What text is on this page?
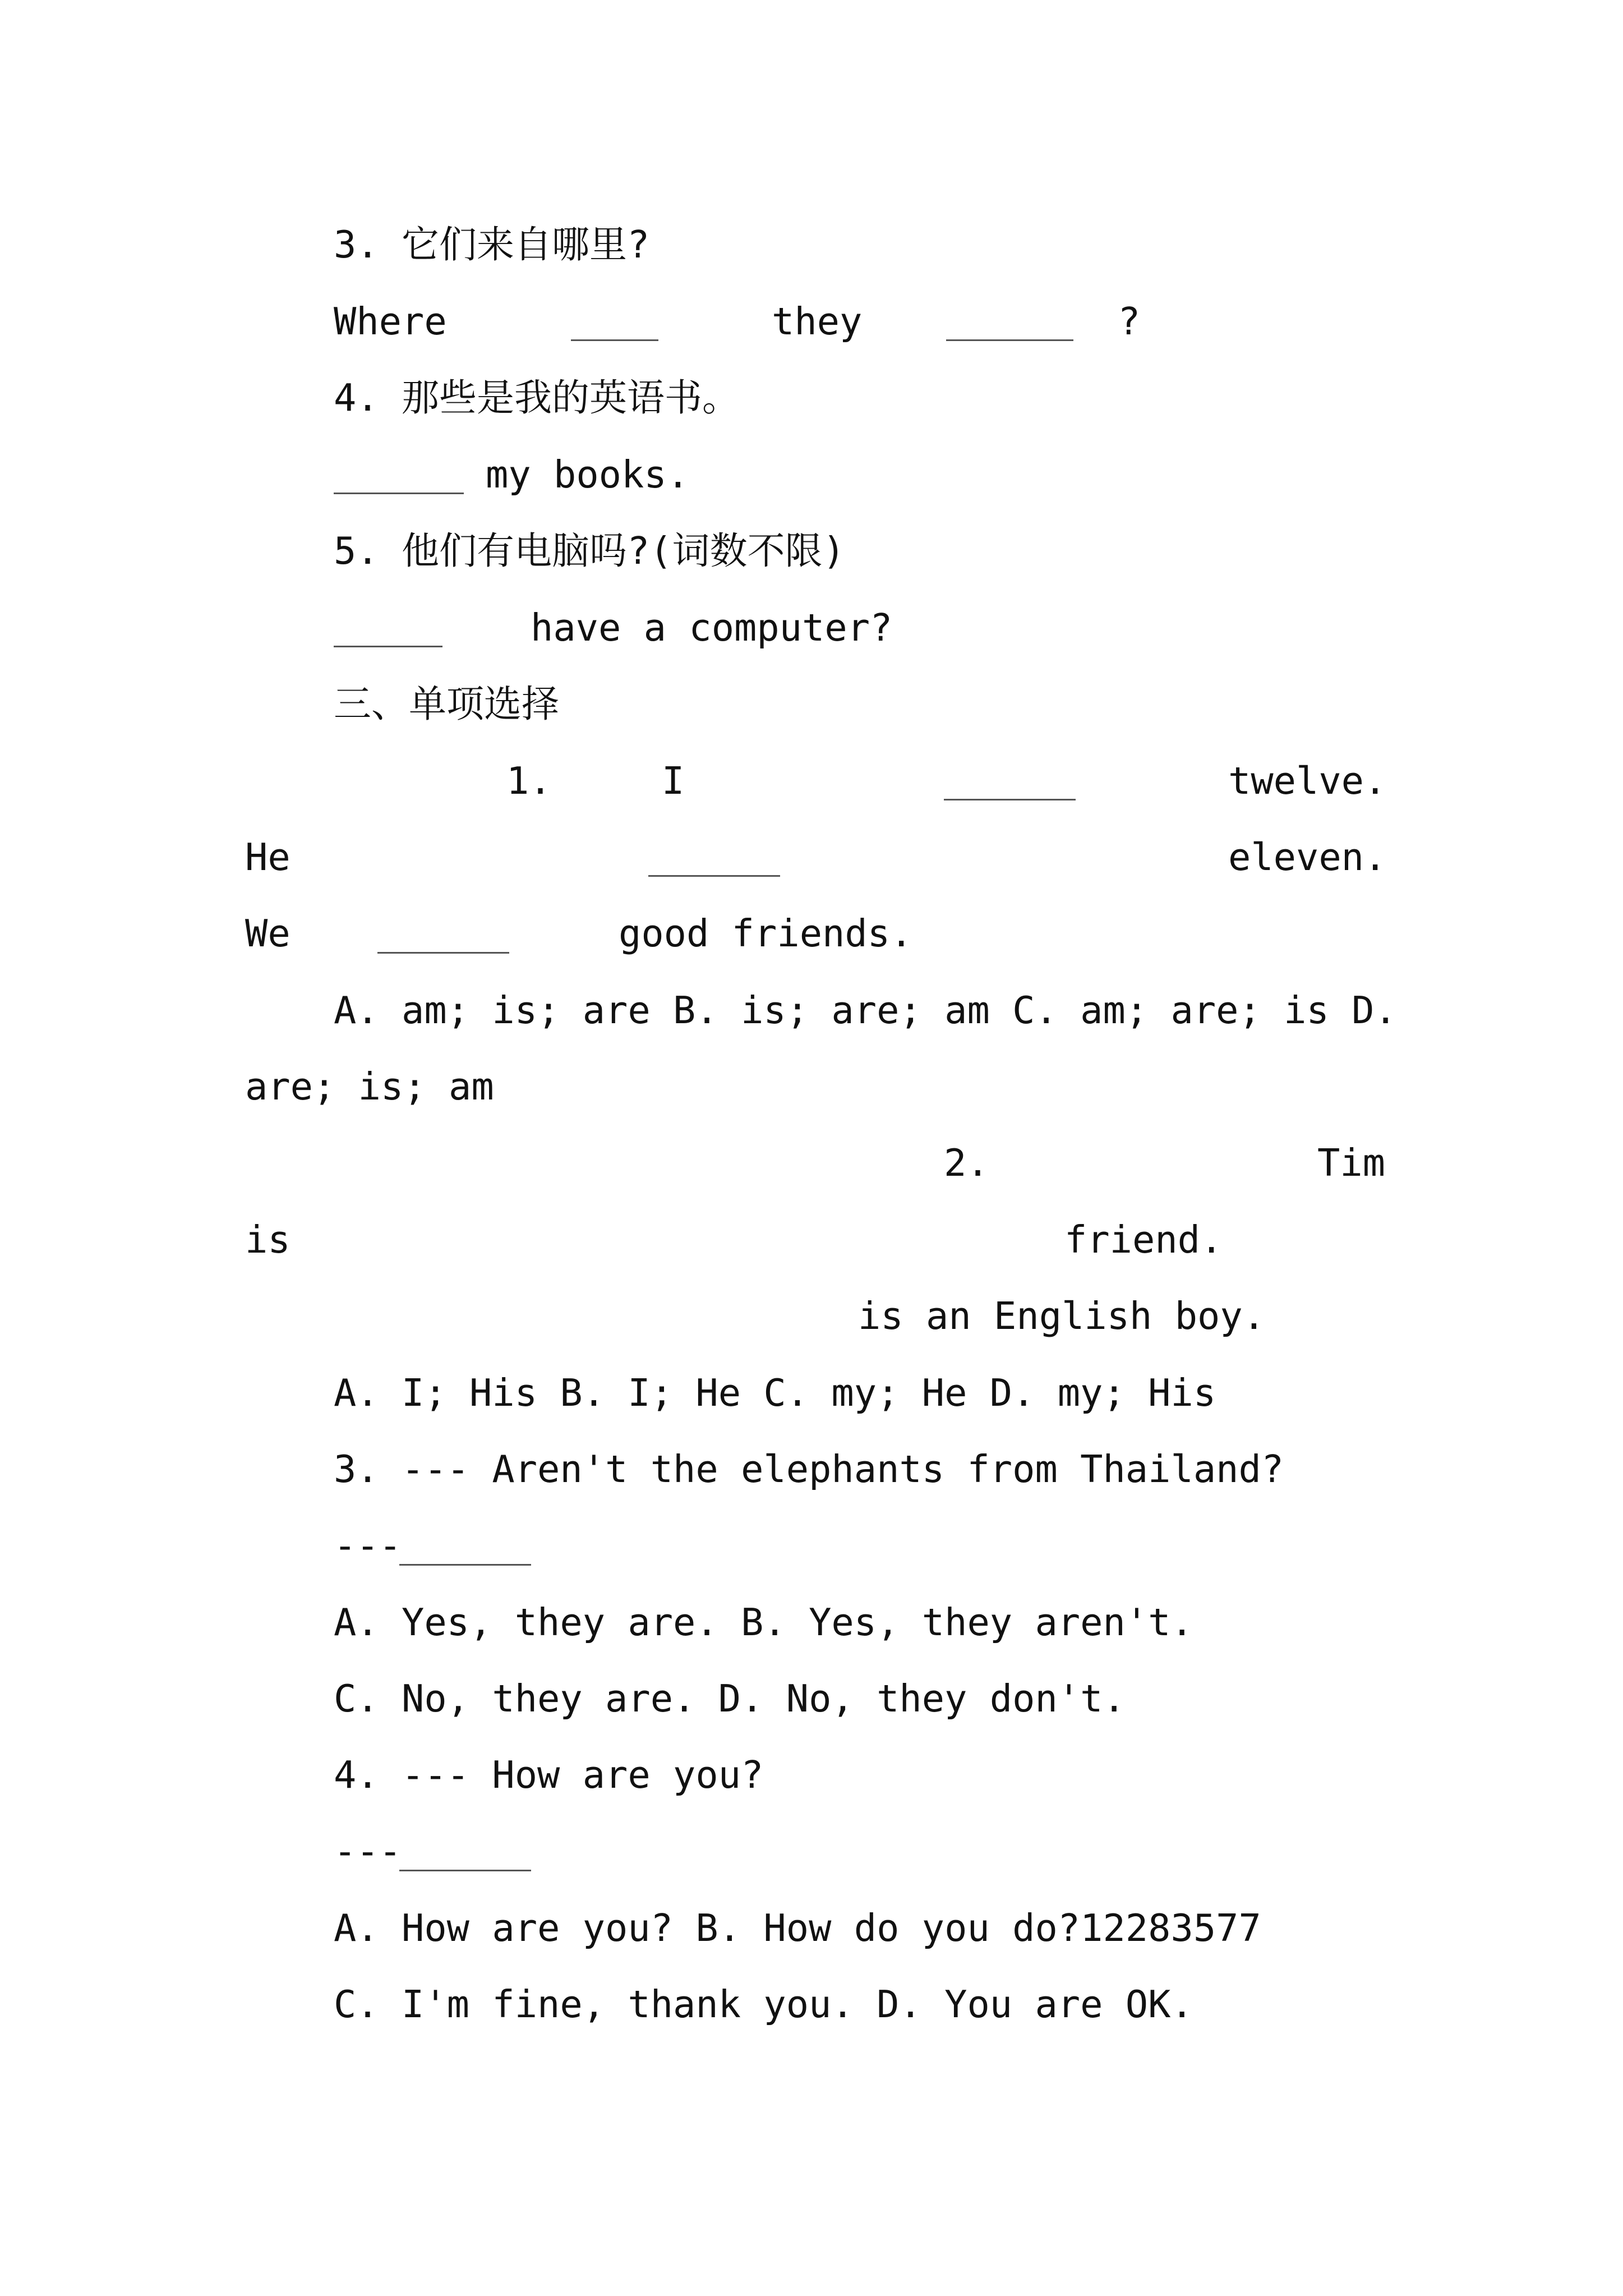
3. 它们来自哪里?
Where	they	?
4. 那些是我的英语书。
my books.
5. 他们有电脑吗?(词数不限)
have a computer?
三、单项选择
1.	I	twelve.
He	eleven.
We	good friends.
A. am; is; are B. is; are; am C. am; are; is D.
are; is; am
2.	Tim
is	friend.
is an English boy.
A. I; His B. I; He C. my; He D. my; His
3. --- Aren't the elephants from Thailand?
---
A. Yes, they are. B. Yes, they aren't.
C. No, they are. D. No, they don't.
4. --- How are you?
---
A. How are you? B. How do you do?12283577
C. I'm fine, thank you. D. You are OK.
